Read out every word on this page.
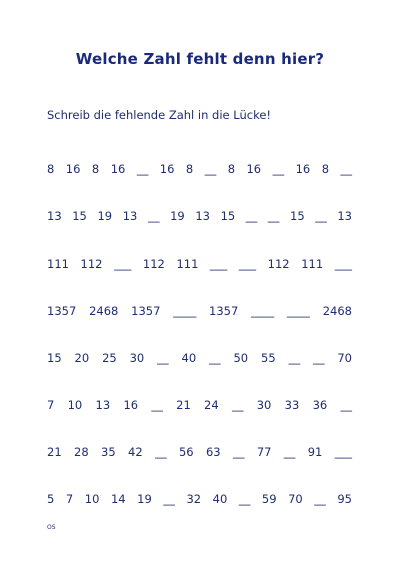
Welche Zahl fehlt denn hier?
Schreib die fehlende Zahl in die Lücke!
8 16 8 16 __ 16 8 __ 8 16 __ 16 8 __
13 15 19 13 __ 19 13 15 __ __ 15 __ 13
111 112 ___ 112 111 ___ ___ 112 111 ___
1357 2468 1357 ____ 1357 ____ ____ 2468
15 20 25 30 __ 40 __ 50 55 __ __ 70
7 10 13 16 __ 21 24 __ 30 33 36 __
21 28 35 42 __ 56 63 __ 77 __ 91 ___
5 7 10 14 19 __ 32 40 __ 59 70 __ 95
OS
